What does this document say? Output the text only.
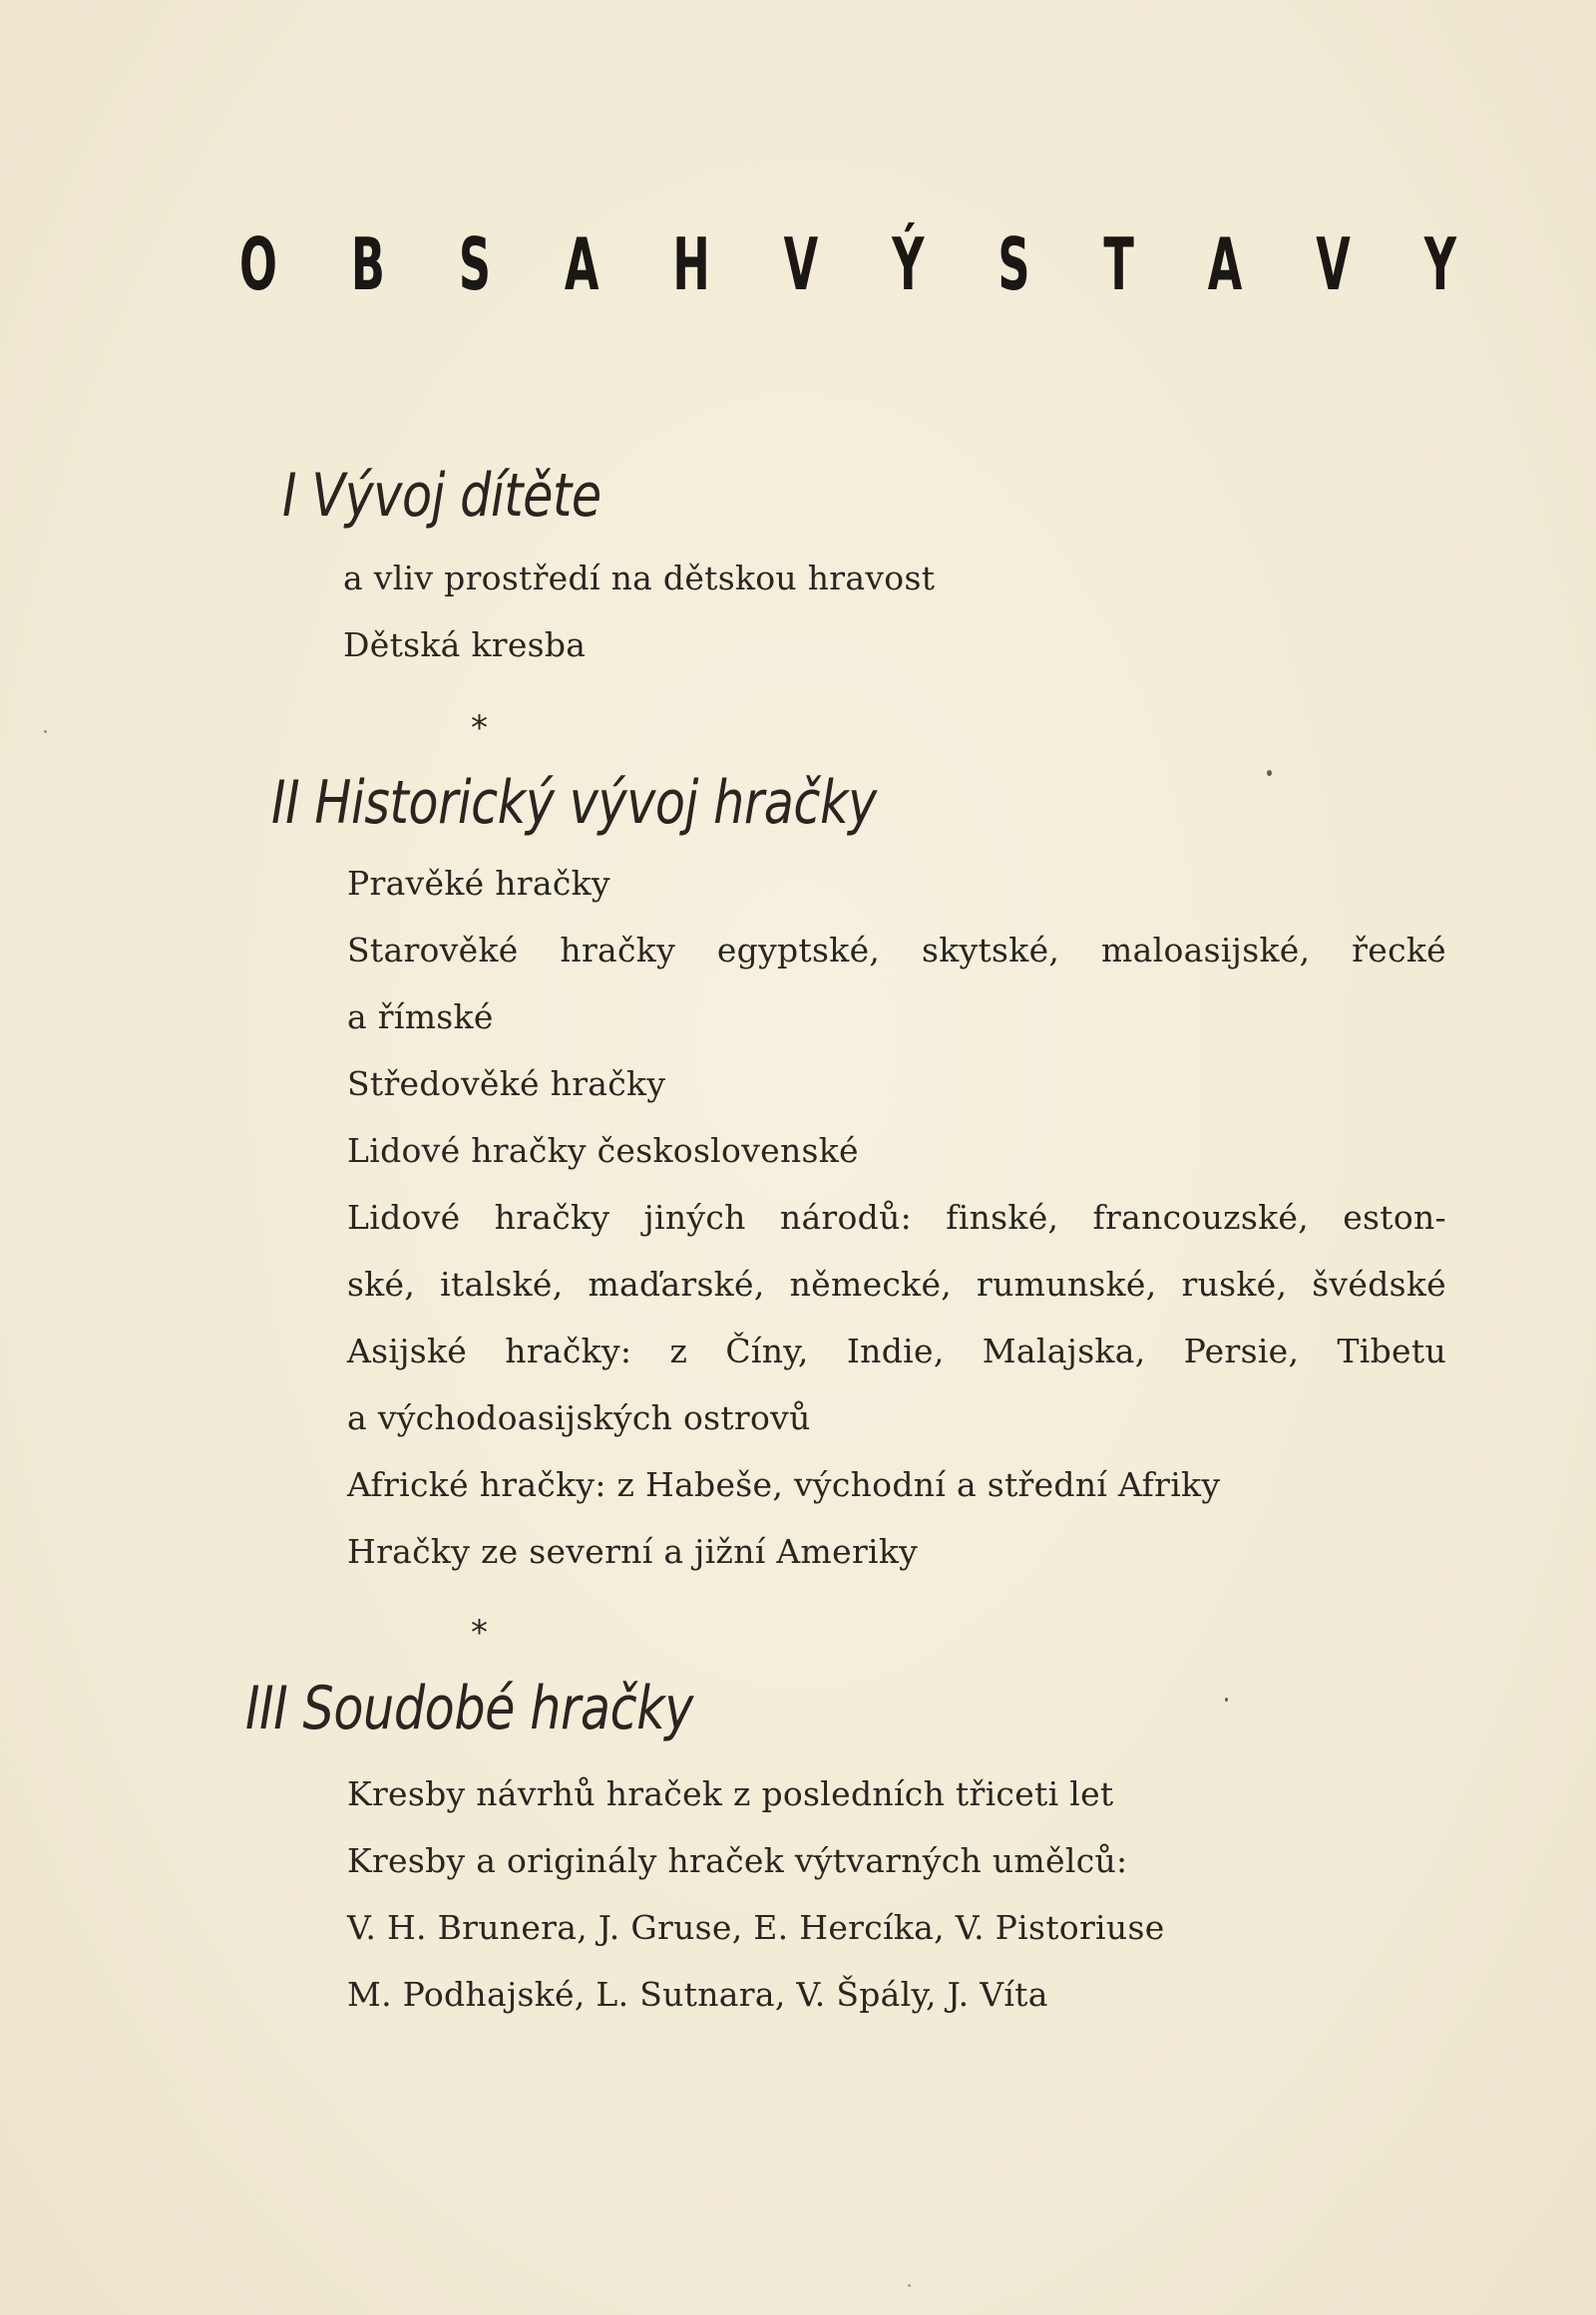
O B S A H V Ý S T A V Y
I Vývoj dítěte
a vliv prostředí na dětskou hravost
Dětská kresba
*
II Historický vývoj hračky
Pravěké hračky
Starověké hračky egyptské, skytské, maloasijské, řecké
a římské
Středověké hračky
Lidové hračky československé
Lidové hračky jiných národů: finské, francouzské, eston-
ské, italské, maďarské, německé, rumunské, ruské, švédské
Asijské hračky: z Číny, Indie, Malajska, Persie, Tibetu
a východoasijských ostrovů
Africké hračky: z Habeše, východní a střední Afriky
Hračky ze severní a jižní Ameriky
*
III Soudobé hračky
Kresby návrhů hraček z posledních třiceti let
Kresby a originály hraček výtvarných umělců:
V. H. Brunera, J. Gruse, E. Hercíka, V. Pistoriuse
M. Podhajské, L. Sutnara, V. Špály, J. Víta
